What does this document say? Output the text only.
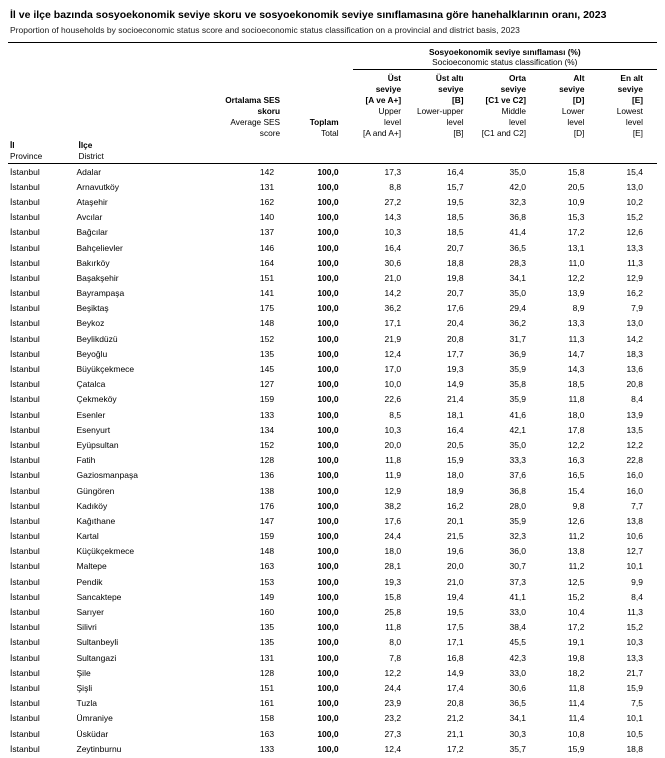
İl ve ilçe bazında sosyoekonomik seviye skoru ve sosyoekonomik seviye sınıflamasına göre hanehalklarının oranı, 2023
Proportion of households by socioeconomic status score and socioeconomic status classification on a provincial and district basis, 2023
				Sosyoekonomik seviye sınıflaması (%)				
				Socioeconomic status classification (%)				

Ortalama SES
skoru
Average SES
score

Toplam
Total

Üst
seviye
[A ve A+]
Upper
level
[A and A+]

Üst altı
seviye
[B]
Lower-upper
level
[B]

Orta
seviye
[C1 ve C2]
Middle
level
[C1 and C2]

Alt
seviye
[D]
Lower
level
[D]

En alt
seviye
[E]
Lowest
level
[E]

İl
Province

İlçe
District

İstanbul	Adalar	142	100,0	17,3	16,4	35,0	15,8	15,4
İstanbul	Arnavutköy	131	100,0	8,8	15,7	42,0	20,5	13,0
İstanbul	Ataşehir	162	100,0	27,2	19,5	32,3	10,9	10,2
İstanbul	Avcılar	140	100,0	14,3	18,5	36,8	15,3	15,2
İstanbul	Bağcılar	137	100,0	10,3	18,5	41,4	17,2	12,6
İstanbul	Bahçelievler	146	100,0	16,4	20,7	36,5	13,1	13,3
İstanbul	Bakırköy	164	100,0	30,6	18,8	28,3	11,0	11,3
İstanbul	Başakşehir	151	100,0	21,0	19,8	34,1	12,2	12,9
İstanbul	Bayrampaşa	141	100,0	14,2	20,7	35,0	13,9	16,2
İstanbul	Beşiktaş	175	100,0	36,2	17,6	29,4	8,9	7,9
İstanbul	Beykoz	148	100,0	17,1	20,4	36,2	13,3	13,0
İstanbul	Beylikdüzü	152	100,0	21,9	20,8	31,7	11,3	14,2
İstanbul	Beyoğlu	135	100,0	12,4	17,7	36,9	14,7	18,3
İstanbul	Büyükçekmece	145	100,0	17,0	19,3	35,9	14,3	13,6
İstanbul	Çatalca	127	100,0	10,0	14,9	35,8	18,5	20,8
İstanbul	Çekmeköy	159	100,0	22,6	21,4	35,9	11,8	8,4
İstanbul	Esenler	133	100,0	8,5	18,1	41,6	18,0	13,9
İstanbul	Esenyurt	134	100,0	10,3	16,4	42,1	17,8	13,5
İstanbul	Eyüpsultan	152	100,0	20,0	20,5	35,0	12,2	12,2
İstanbul	Fatih	128	100,0	11,8	15,9	33,3	16,3	22,8
İstanbul	Gaziosmanpaşa	136	100,0	11,9	18,0	37,6	16,5	16,0
İstanbul	Güngören	138	100,0	12,9	18,9	36,8	15,4	16,0
İstanbul	Kadıköy	176	100,0	38,2	16,2	28,0	9,8	7,7
İstanbul	Kağıthane	147	100,0	17,6	20,1	35,9	12,6	13,8
İstanbul	Kartal	159	100,0	24,4	21,5	32,3	11,2	10,6
İstanbul	Küçükçekmece	148	100,0	18,0	19,6	36,0	13,8	12,7
İstanbul	Maltepe	163	100,0	28,1	20,0	30,7	11,2	10,1
İstanbul	Pendik	153	100,0	19,3	21,0	37,3	12,5	9,9
İstanbul	Sancaktepe	149	100,0	15,8	19,4	41,1	15,2	8,4
İstanbul	Sarıyer	160	100,0	25,8	19,5	33,0	10,4	11,3
İstanbul	Silivri	135	100,0	11,8	17,5	38,4	17,2	15,2
İstanbul	Sultanbeyli	135	100,0	8,0	17,1	45,5	19,1	10,3
İstanbul	Sultangazi	131	100,0	7,8	16,8	42,3	19,8	13,3
İstanbul	Şile	128	100,0	12,2	14,9	33,0	18,2	21,7
İstanbul	Şişli	151	100,0	24,4	17,4	30,6	11,8	15,9
İstanbul	Tuzla	161	100,0	23,9	20,8	36,5	11,4	7,5
İstanbul	Ümraniye	158	100,0	23,2	21,2	34,1	11,4	10,1
İstanbul	Üsküdar	163	100,0	27,3	21,1	30,3	10,8	10,5
İstanbul	Zeytinburnu	133	100,0	12,4	17,2	35,7	15,9	18,8
